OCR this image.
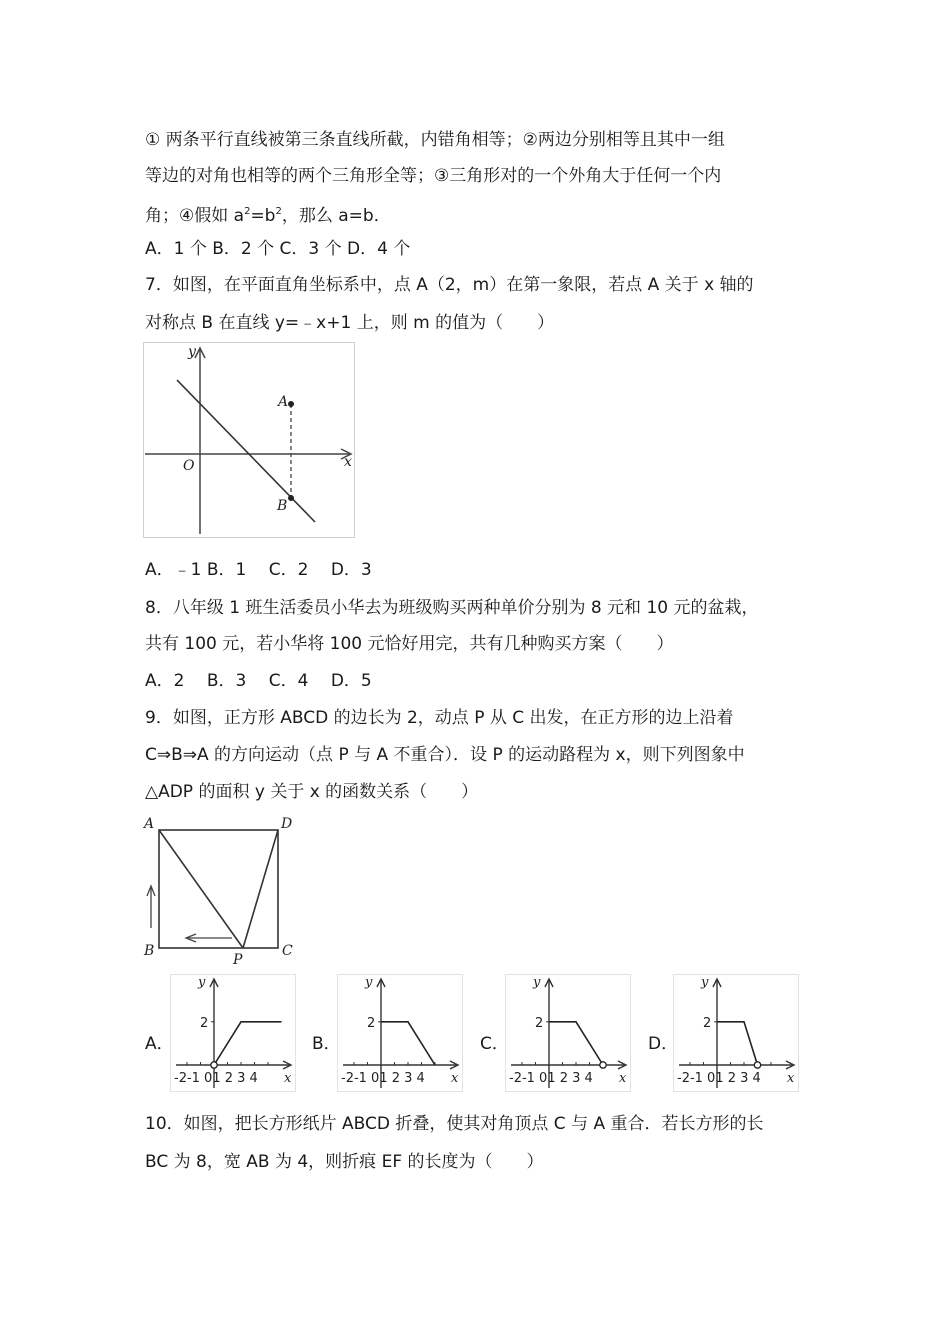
① 两条平行直线被第三条直线所截，内错角相等；②两边分别相等且其中一组
等边的对角也相等的两个三角形全等；③三角形对的一个外角大于任何一个内
角；④假如 $a^2=b^2$，那么 a=b．
A．1 个 B．2 个 C．3 个 D．4 个
7．如图，在平面直角坐标系中，点 A（2，m）在第一象限，若点 A 关于 x 轴的
对称点 B 在直线 y=﹣x+1 上，则 m 的值为（　　）
y
x
O
A
B
A．﹣1 B．1　 C．2　 D．3
8．八年级 1 班生活委员小华去为班级购买两种单价分别为 8 元和 10 元的盆栽，
共有 100 元，若小华将 100 元恰好用完，共有几种购买方案（　　）
A．2　 B．3　 C．4　 D．5
9．如图，正方形 ABCD 的边长为 2，动点 P 从 C 出发，在正方形的边上沿着
C⇒B⇒A 的方向运动（点 P 与 A 不重合）．设 P 的运动路程为 x，则下列图象中
△ADP 的面积 y 关于 x 的函数关系（　　）
A	D
B	C
P
A．
y
x
2
-2-1 01 2 3 4
B．
y
x
2
-2-1 01 2 3 4
C．
y
x
2
-2-1 01 2 3 4
D．
y
x
2
-2-1 01 2 3 4
10．如图，把长方形纸片 ABCD 折叠，使其对角顶点 C 与 A 重合．若长方形的长
BC 为 8，宽 AB 为 4，则折痕 EF 的长度为（　　）
